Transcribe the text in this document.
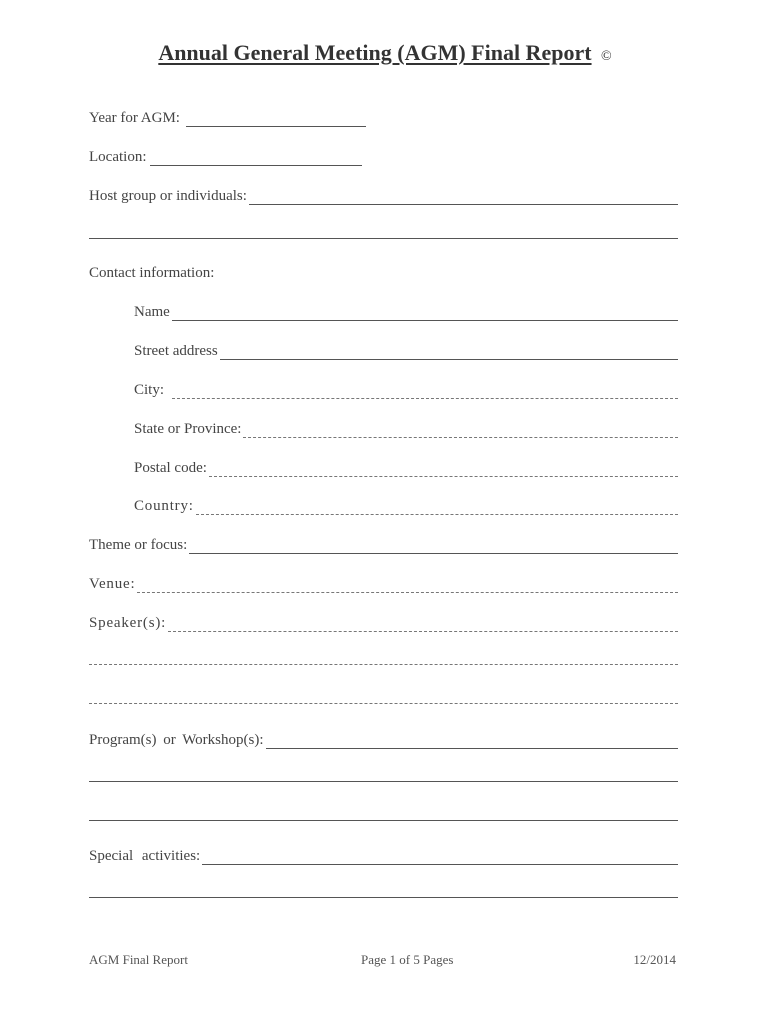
Annual General Meeting (AGM) Final Report ©
Year for AGM:
Location:
Host group or individuals:
Contact information:
Name
Street address
City:
State or Province:
Postal code:
Country:
Theme or focus:
Venue:
Speaker(s):
Program(s) or Workshop(s):
Special activities:
AGM Final Report	Page 1 of 5 Pages	12/2014
